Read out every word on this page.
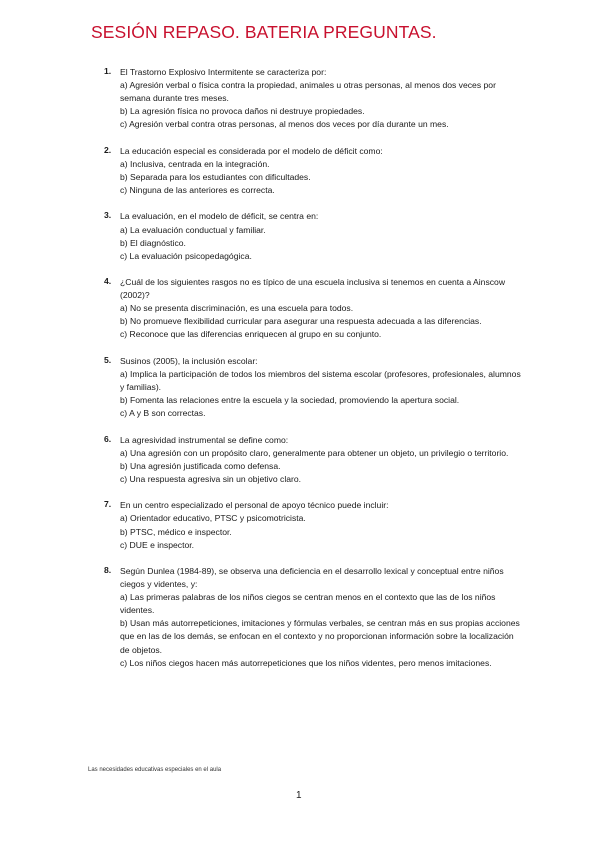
SESIÓN REPASO. BATERIA PREGUNTAS.
1. El Trastorno Explosivo Intermitente se caracteriza por:
a) Agresión verbal o física contra la propiedad, animales u otras personas, al menos dos veces por semana durante tres meses.
b) La agresión física no provoca daños ni destruye propiedades.
c) Agresión verbal contra otras personas, al menos dos veces por día durante un mes.
2. La educación especial es considerada por el modelo de déficit como:
a) Inclusiva, centrada en la integración.
b) Separada para los estudiantes con dificultades.
c) Ninguna de las anteriores es correcta.
3. La evaluación, en el modelo de déficit, se centra en:
a) La evaluación conductual y familiar.
b) El diagnóstico.
c) La evaluación psicopedagógica.
4. ¿Cuál de los siguientes rasgos no es típico de una escuela inclusiva si tenemos en cuenta a Ainscow (2002)?
a) No se presenta discriminación, es una escuela para todos.
b) No promueve flexibilidad curricular para asegurar una respuesta adecuada a las diferencias.
c) Reconoce que las diferencias enriquecen al grupo en su conjunto.
5. Susinos (2005), la inclusión escolar:
a) Implica la participación de todos los miembros del sistema escolar (profesores, profesionales, alumnos y familias).
b) Fomenta las relaciones entre la escuela y la sociedad, promoviendo la apertura social.
c) A y B son correctas.
6. La agresividad instrumental se define como:
a) Una agresión con un propósito claro, generalmente para obtener un objeto, un privilegio o territorio.
b) Una agresión justificada como defensa.
c) Una respuesta agresiva sin un objetivo claro.
7. En un centro especializado el personal de apoyo técnico puede incluir:
a) Orientador educativo, PTSC y psicomotricista.
b) PTSC, médico e inspector.
c) DUE e inspector.
8. Según Dunlea (1984-89), se observa una deficiencia en el desarrollo lexical y conceptual entre niños ciegos y videntes, y:
a) Las primeras palabras de los niños ciegos se centran menos en el contexto que las de los niños videntes.
b) Usan más autorrepeticiones, imitaciones y fórmulas verbales, se centran más en sus propias acciones que en las de los demás, se enfocan en el contexto y no proporcionan información sobre la localización de objetos.
c) Los niños ciegos hacen más autorrepeticiones que los niños videntes, pero menos imitaciones.
Las necesidades educativas especiales en el aula
1
